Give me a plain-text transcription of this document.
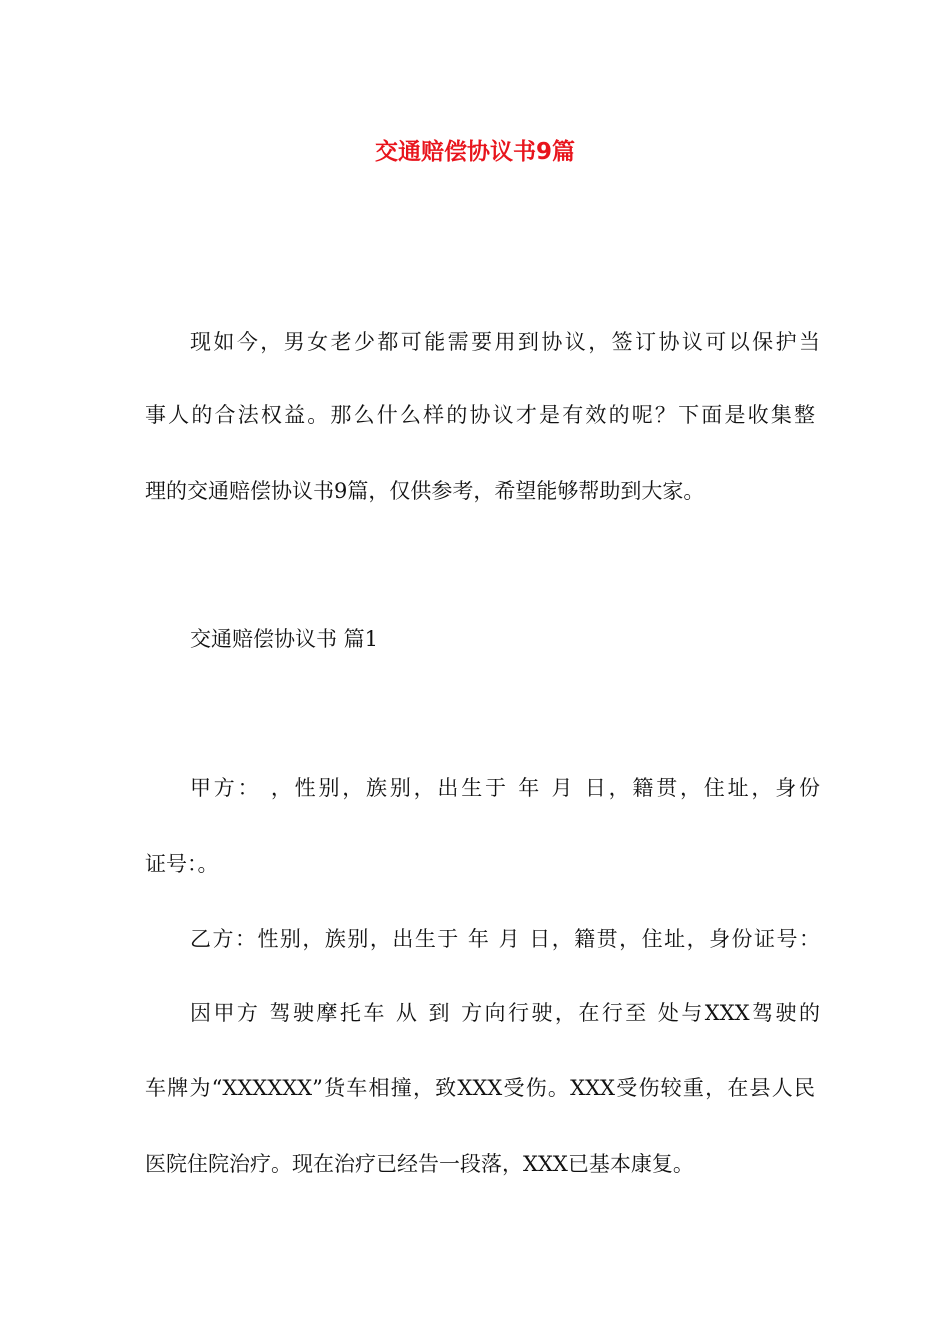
交通赔偿协议书9篇

现如今，男女老少都可能需要用到协议，签订协议可以保护当

事人的合法权益。那么什么样的协议才是有效的呢？下面是收集整

理的交通赔偿协议书9篇，仅供参考，希望能够帮助到大家。

交通赔偿协议书 篇1

甲方： ，性别，族别，出生于 年 月 日，籍贯，住址，身份

证号：。

乙方：性别，族别，出生于 年 月 日，籍贯，住址，身份证号：

因甲方 驾驶摩托车 从 到 方向行驶，在行至 处与XXX驾驶的

车牌为“XXXXXX”货车相撞，致XXX受伤。XXX受伤较重，在县人民

医院住院治疗。现在治疗已经告一段落，XXX已基本康复。
